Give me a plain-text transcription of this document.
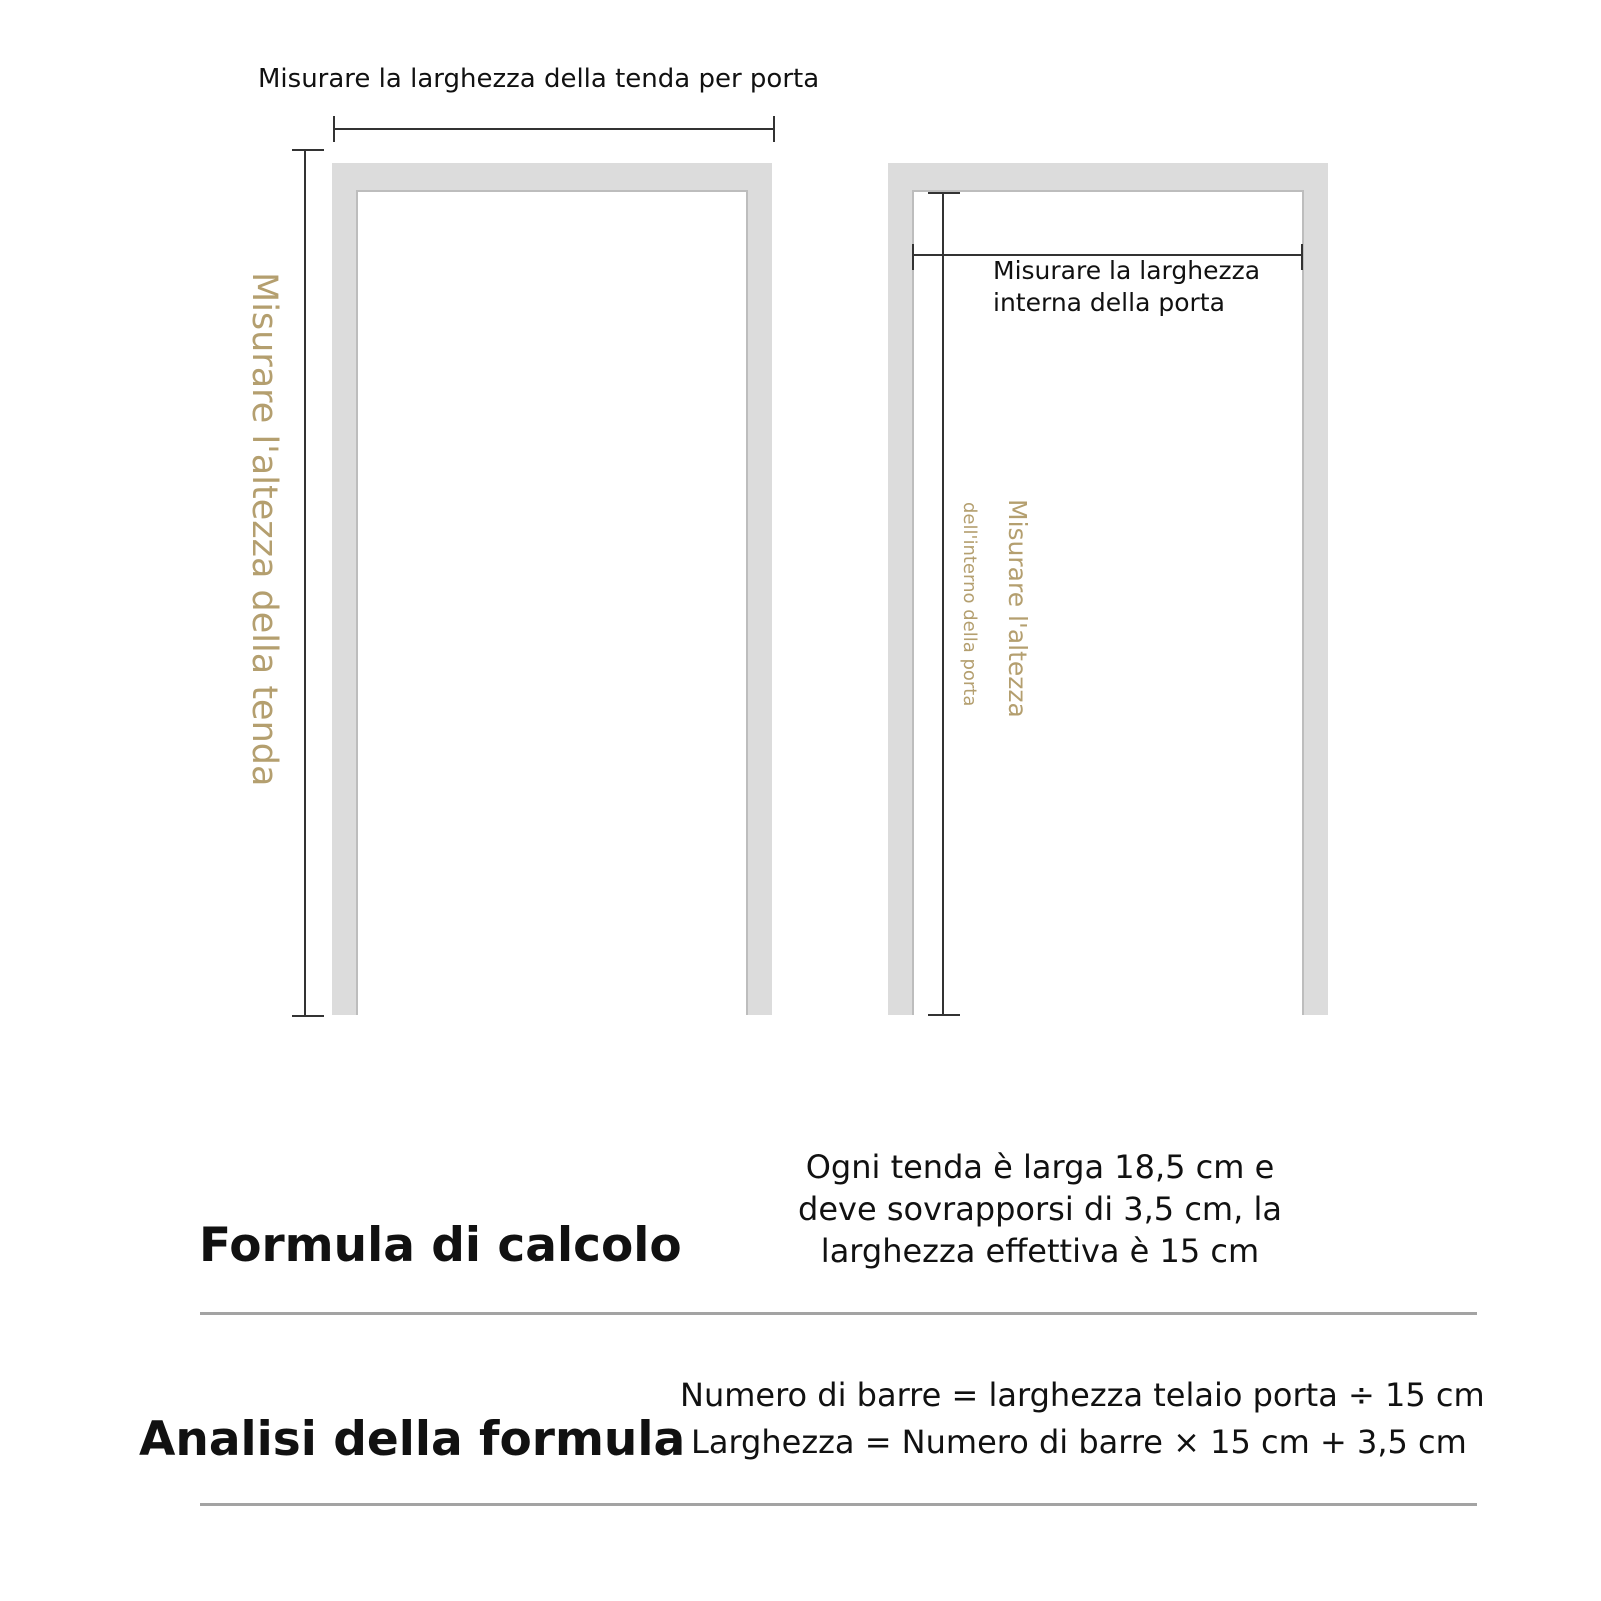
Misurare la larghezza della tenda per porta
Misurare l'altezza della tenda
Misurare la larghezza
interna della porta
Misurare l'altezza
dell'interno della porta
Formula di calcolo
Ogni tenda è larga 18,5 cm e
deve sovrapporsi di 3,5 cm, la
larghezza effettiva è 15 cm
Analisi della formula
Numero di barre = larghezza telaio porta ÷ 15 cm
Larghezza = Numero di barre × 15 cm + 3,5 cm
